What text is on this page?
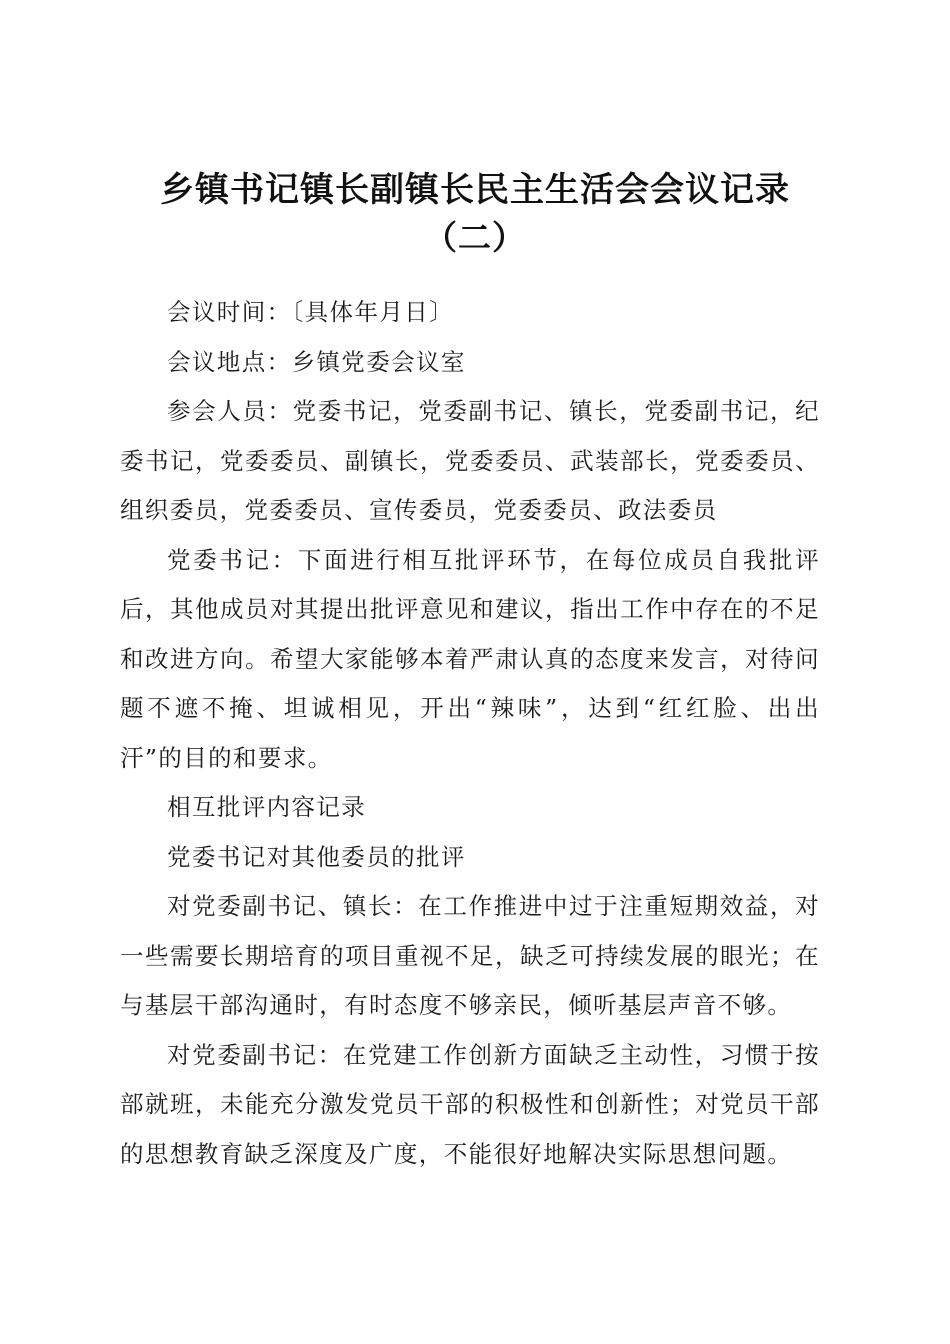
乡镇书记镇长副镇长民主生活会会议记录
（二）

会议时间：〔具体年月日〕

会议地点：乡镇党委会议室

参会人员：党委书记，党委副书记、镇长，党委副书记，纪委书记，党委委员、副镇长，党委委员、武装部长，党委委员、组织委员，党委委员、宣传委员，党委委员、政法委员

党委书记：下面进行相互批评环节，在每位成员自我批评后，其他成员对其提出批评意见和建议，指出工作中存在的不足和改进方向。希望大家能够本着严肃认真的态度来发言，对待问题不遮不掩、坦诚相见，开出“辣味”，达到“红红脸、出出汗”的目的和要求。

相互批评内容记录

党委书记对其他委员的批评

对党委副书记、镇长：在工作推进中过于注重短期效益，对一些需要长期培育的项目重视不足，缺乏可持续发展的眼光；在与基层干部沟通时，有时态度不够亲民，倾听基层声音不够。

对党委副书记：在党建工作创新方面缺乏主动性，习惯于按部就班，未能充分激发党员干部的积极性和创新性；对党员干部的思想教育缺乏深度及广度，不能很好地解决实际思想问题。
